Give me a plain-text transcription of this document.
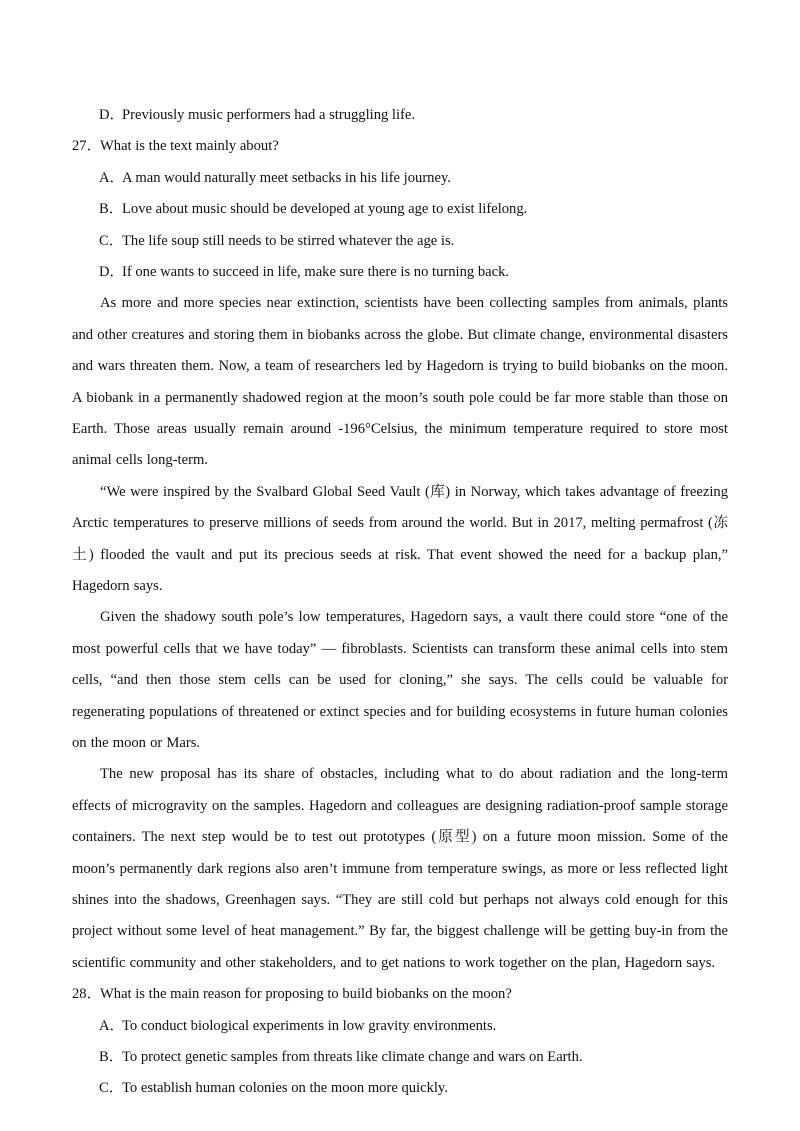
D．Previously music performers had a struggling life.
27．What is the text mainly about?
A．A man would naturally meet setbacks in his life journey.
B．Love about music should be developed at young age to exist lifelong.
C．The life soup still needs to be stirred whatever the age is.
D．If one wants to succeed in life, make sure there is no turning back.

As more and more species near extinction, scientists have been collecting samples from animals, plants and other creatures and storing them in biobanks across the globe. But climate change, environmental disasters and wars threaten them. Now, a team of researchers led by Hagedorn is trying to build biobanks on the moon. A biobank in a permanently shadowed region at the moon’s south pole could be far more stable than those on Earth. Those areas usually remain around -196°Celsius, the minimum temperature required to store most animal cells long-term.

“We were inspired by the Svalbard Global Seed Vault (库) in Norway, which takes advantage of freezing Arctic temperatures to preserve millions of seeds from around the world. But in 2017, melting permafrost (冻土) flooded the vault and put its precious seeds at risk. That event showed the need for a backup plan,” Hagedorn says.

Given the shadowy south pole’s low temperatures, Hagedorn says, a vault there could store “one of the most powerful cells that we have today” — fibroblasts. Scientists can transform these animal cells into stem cells, “and then those stem cells can be used for cloning,” she says. The cells could be valuable for regenerating populations of threatened or extinct species and for building ecosystems in future human colonies on the moon or Mars.

The new proposal has its share of obstacles, including what to do about radiation and the long-term effects of microgravity on the samples. Hagedorn and colleagues are designing radiation-proof sample storage containers. The next step would be to test out prototypes (原型) on a future moon mission. Some of the moon’s permanently dark regions also aren’t immune from temperature swings, as more or less reflected light shines into the shadows, Greenhagen says. “They are still cold but perhaps not always cold enough for this project without some level of heat management.” By far, the biggest challenge will be getting buy-in from the scientific community and other stakeholders, and to get nations to work together on the plan, Hagedorn says.

28．What is the main reason for proposing to build biobanks on the moon?
A．To conduct biological experiments in low gravity environments.
B．To protect genetic samples from threats like climate change and wars on Earth.
C．To establish human colonies on the moon more quickly.
